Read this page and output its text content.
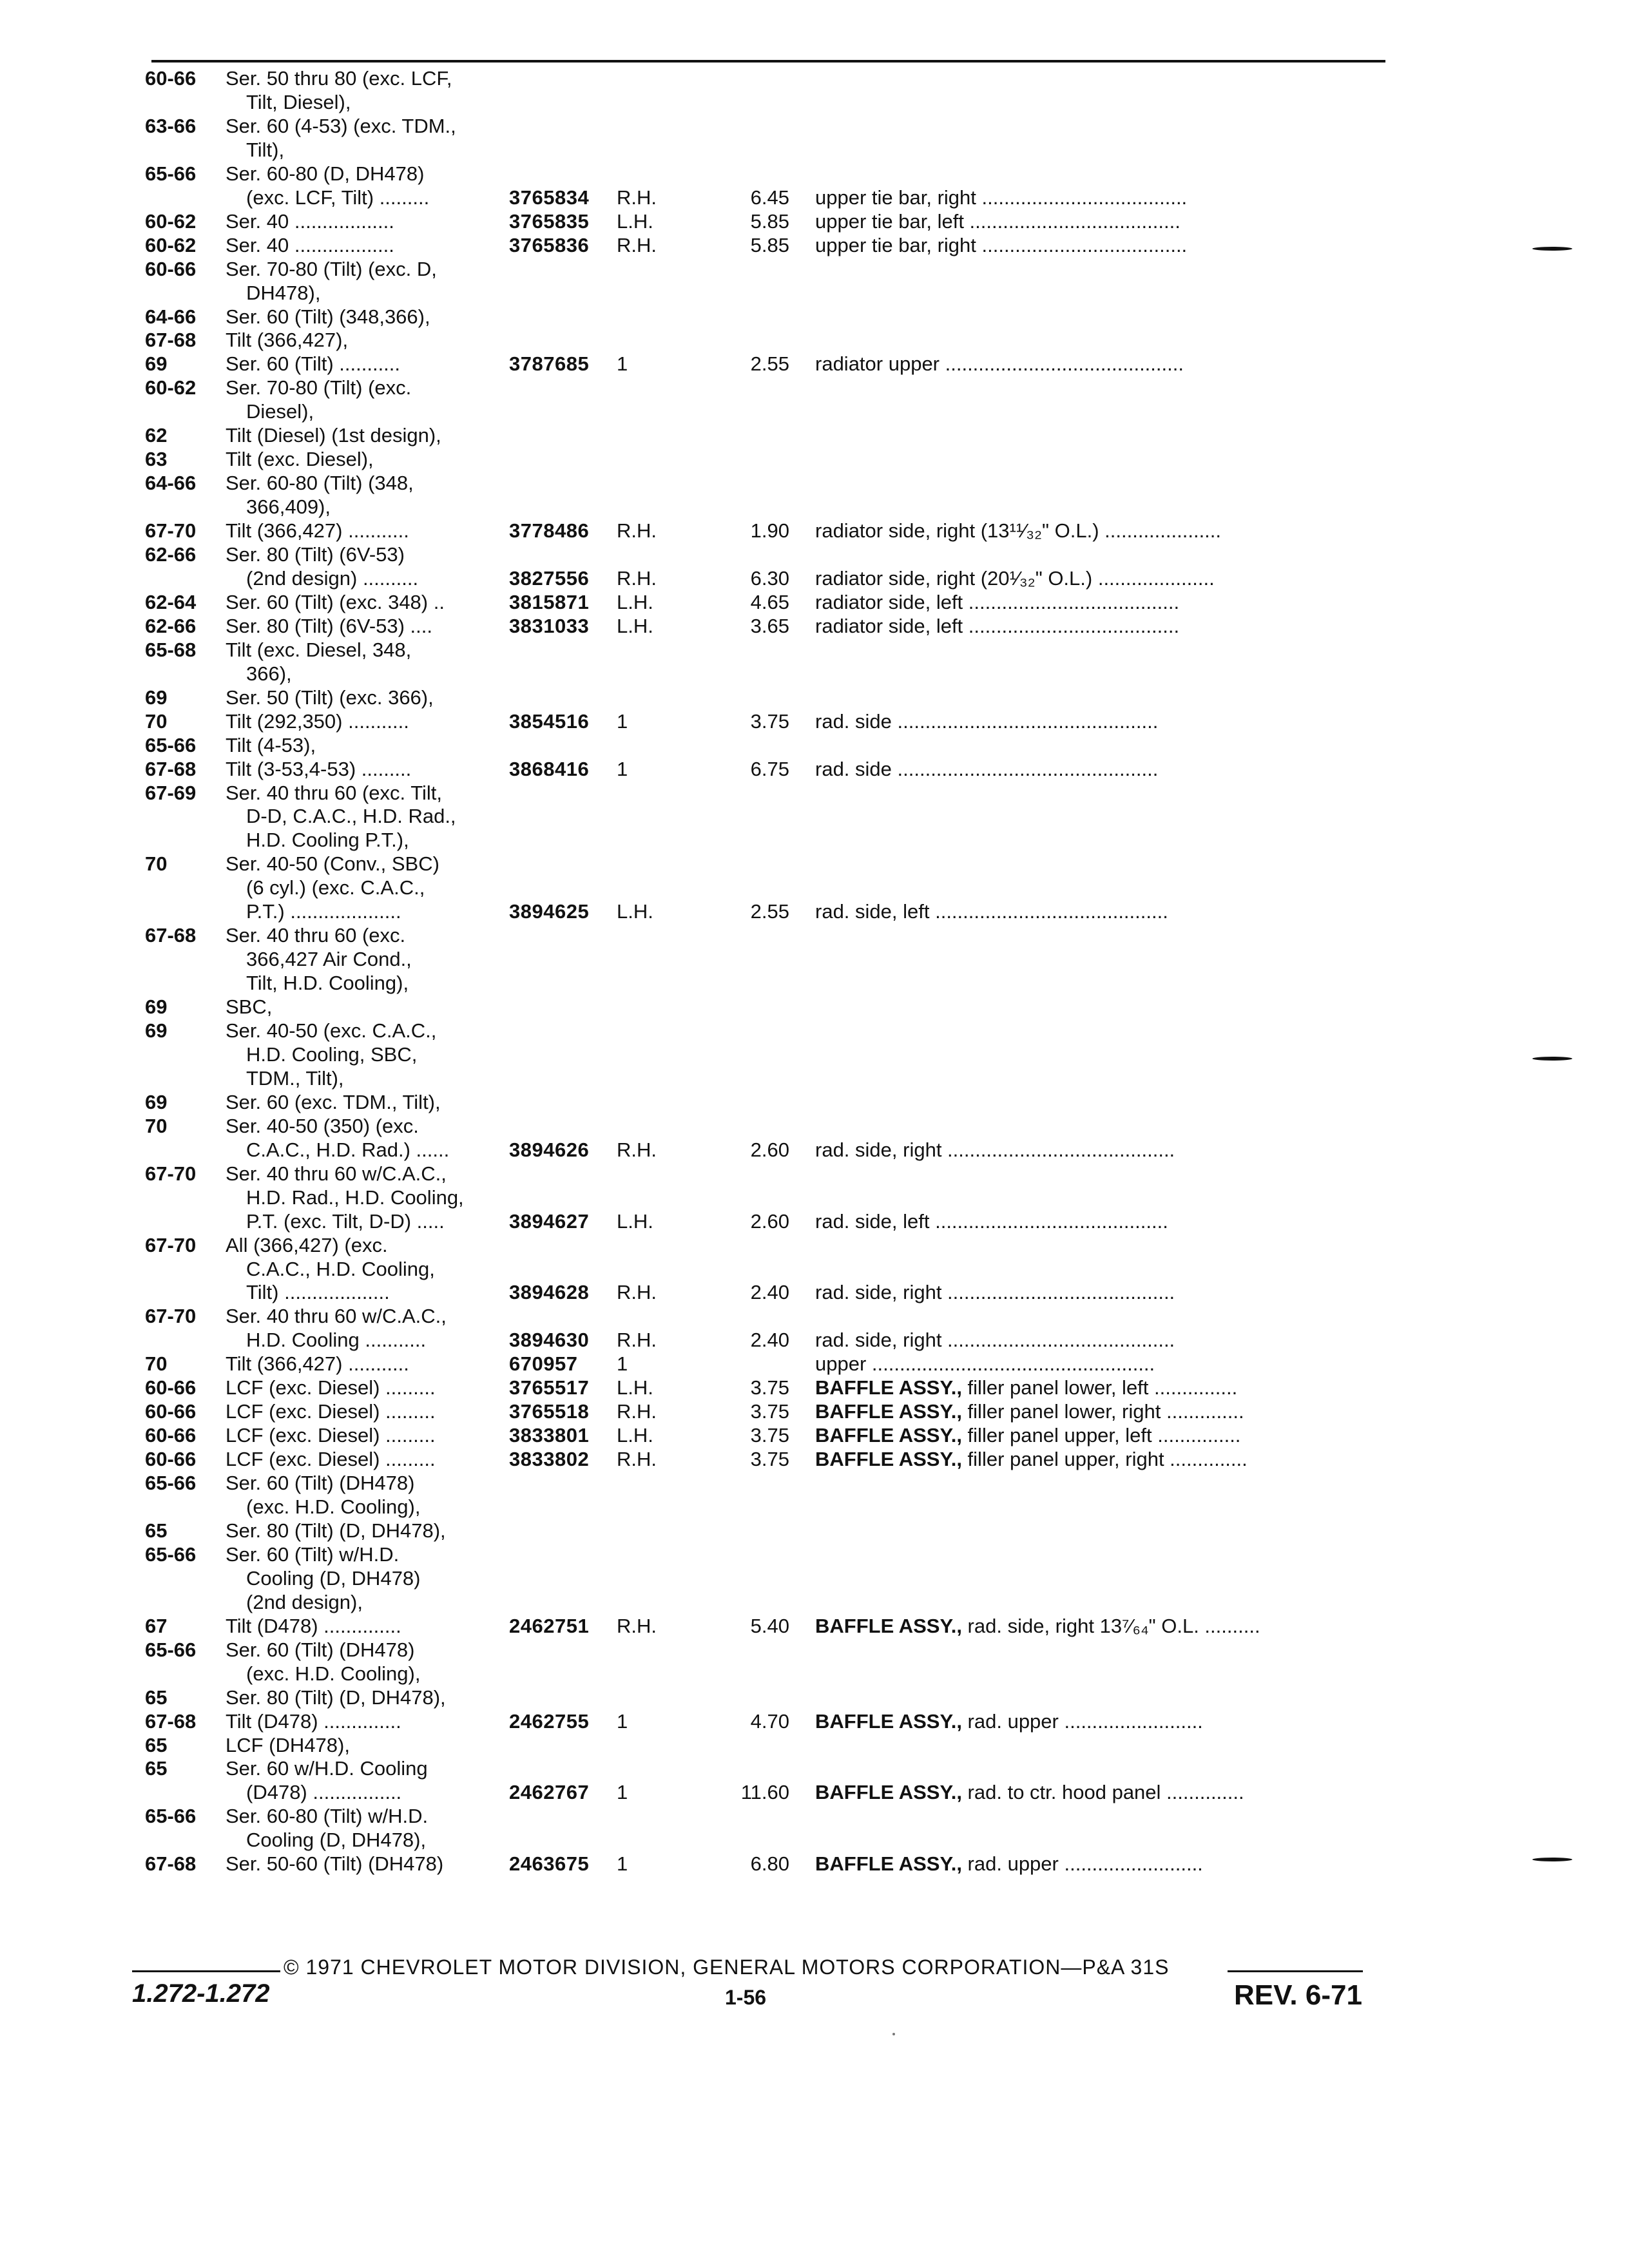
60-66 Ser. 50 thru 80 (exc. LCF,
Tilt, Diesel),
63-66 Ser. 60 (4-53) (exc. TDM.,
Tilt),
65-66 Ser. 60-80 (D, DH478)
(exc. LCF, Tilt) .........	3765834 R.H.	6.45 upper tie bar, right .....................................
60-62 Ser. 40 ..................	3765835 L.H.	5.85 upper tie bar, left ......................................
60-62 Ser. 40 ..................	3765836 R.H.	5.85 upper tie bar, right .....................................
60-66 Ser. 70-80 (Tilt) (exc. D,
DH478),
64-66 Ser. 60 (Tilt) (348,366),
67-68 Tilt (366,427),
69	Ser. 60 (Tilt) ...........	3787685 1	2.55 radiator upper ...........................................
60-62 Ser. 70-80 (Tilt) (exc.
Diesel),
62	Tilt (Diesel) (1st design),
63	Tilt (exc. Diesel),
64-66 Ser. 60-80 (Tilt) (348,
366,409),
67-70 Tilt (366,427) ...........	3778486 R.H.	1.90 radiator side, right (13¹¹⁄₃₂" O.L.) .....................
62-66 Ser. 80 (Tilt) (6V-53)
(2nd design) ..........	3827556 R.H.	6.30 radiator side, right (20¹⁄₃₂" O.L.) .....................
62-64 Ser. 60 (Tilt) (exc. 348) ..	3815871 L.H.	4.65 radiator side, left ......................................
62-66 Ser. 80 (Tilt) (6V-53) ....	3831033 L.H.	3.65 radiator side, left ......................................
65-68 Tilt (exc. Diesel, 348,
366),
69	Ser. 50 (Tilt) (exc. 366),
70	Tilt (292,350) ...........	3854516 1	3.75 rad. side ...............................................
65-66 Tilt (4-53),
67-68 Tilt (3-53,4-53) .........	3868416 1	6.75 rad. side ...............................................
67-69 Ser. 40 thru 60 (exc. Tilt,
D-D, C.A.C., H.D. Rad.,
H.D. Cooling P.T.),
70	Ser. 40-50 (Conv., SBC)
(6 cyl.) (exc. C.A.C.,
P.T.) ....................	3894625 L.H.	2.55 rad. side, left ..........................................
67-68 Ser. 40 thru 60 (exc.
366,427 Air Cond.,
Tilt, H.D. Cooling),
69	SBC,
69	Ser. 40-50 (exc. C.A.C.,
H.D. Cooling, SBC,
TDM., Tilt),
69	Ser. 60 (exc. TDM., Tilt),
70	Ser. 40-50 (350) (exc.
C.A.C., H.D. Rad.) ......	3894626 R.H.	2.60 rad. side, right .........................................
67-70 Ser. 40 thru 60 w/C.A.C.,
H.D. Rad., H.D. Cooling,
P.T. (exc. Tilt, D-D) .....	3894627 L.H.	2.60 rad. side, left ..........................................
67-70 All (366,427) (exc.
C.A.C., H.D. Cooling,
Tilt) ...................	3894628 R.H.	2.40 rad. side, right .........................................
67-70 Ser. 40 thru 60 w/C.A.C.,
H.D. Cooling ...........	3894630 R.H.	2.40 rad. side, right .........................................
70	Tilt (366,427) ...........	670957 1	upper ...................................................
60-66 LCF (exc. Diesel) .........	3765517 L.H.	3.75 BAFFLE ASSY., filler panel lower, left ...............
60-66 LCF (exc. Diesel) .........	3765518 R.H.	3.75 BAFFLE ASSY., filler panel lower, right ..............
60-66 LCF (exc. Diesel) .........	3833801 L.H.	3.75 BAFFLE ASSY., filler panel upper, left ...............
60-66 LCF (exc. Diesel) .........	3833802 R.H.	3.75 BAFFLE ASSY., filler panel upper, right ..............
65-66 Ser. 60 (Tilt) (DH478)
(exc. H.D. Cooling),
65	Ser. 80 (Tilt) (D, DH478),
65-66 Ser. 60 (Tilt) w/H.D.
Cooling (D, DH478)
(2nd design),
67	Tilt (D478) ..............	2462751 R.H.	5.40 BAFFLE ASSY., rad. side, right 13⁷⁄₆₄" O.L. ..........
65-66 Ser. 60 (Tilt) (DH478)
(exc. H.D. Cooling),
65	Ser. 80 (Tilt) (D, DH478),
67-68 Tilt (D478) ..............	2462755 1	4.70 BAFFLE ASSY., rad. upper .........................
65	LCF (DH478),
65	Ser. 60 w/H.D. Cooling
(D478) ................	2462767 1	11.60 BAFFLE ASSY., rad. to ctr. hood panel ..............
65-66 Ser. 60-80 (Tilt) w/H.D.
Cooling (D, DH478),
67-68 Ser. 50-60 (Tilt) (DH478)	2463675 1	6.80 BAFFLE ASSY., rad. upper .........................
© 1971 CHEVROLET MOTOR DIVISION, GENERAL MOTORS CORPORATION—P&A 31S
1.272-1.272	1-56	REV. 6-71
